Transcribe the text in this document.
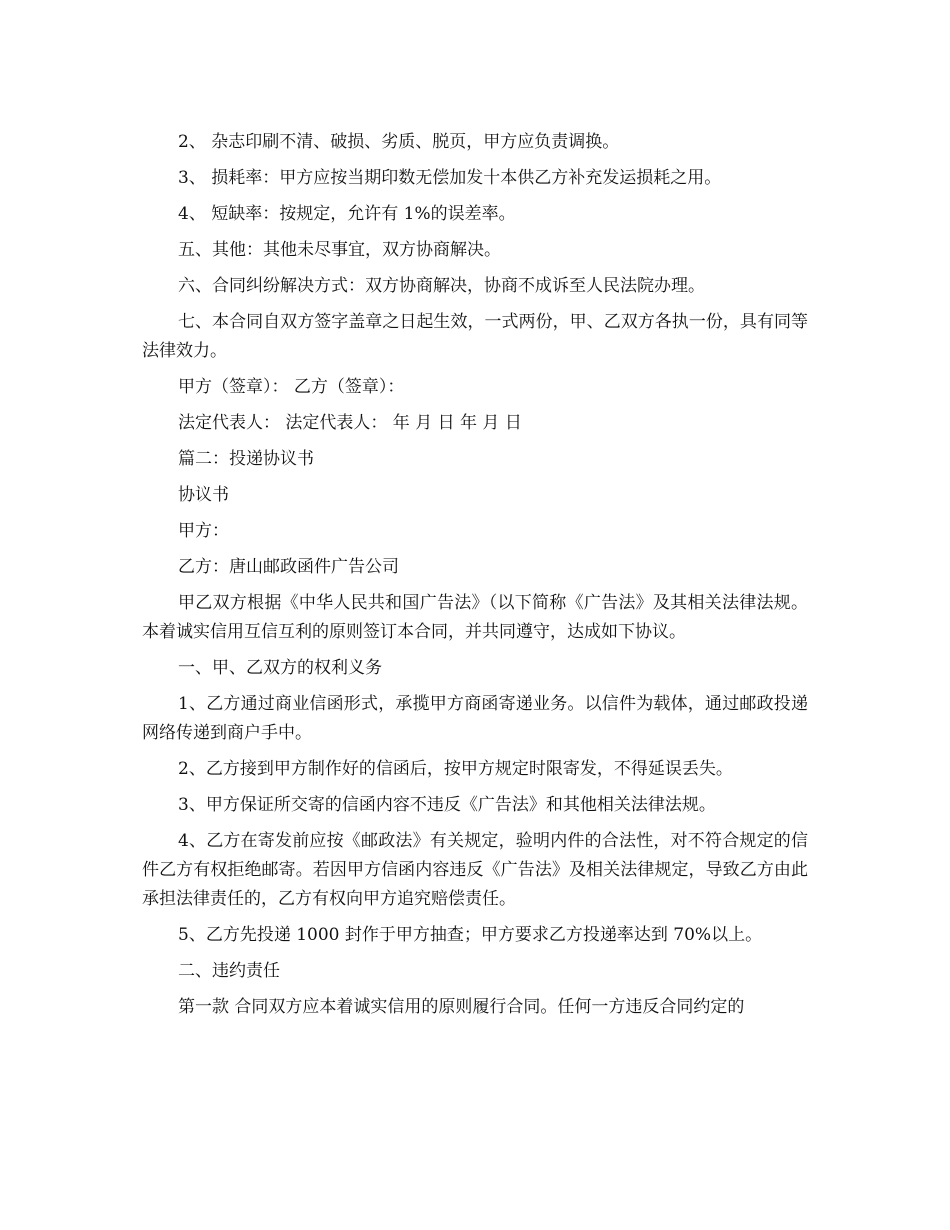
2、 杂志印刷不清、破损、劣质、脱页，甲方应负责调换。

3、 损耗率：甲方应按当期印数无偿加发十本供乙方补充发运损耗之用。

4、 短缺率：按规定，允许有 1%的误差率。

五、其他：其他未尽事宜，双方协商解决。

六、合同纠纷解决方式：双方协商解决，协商不成诉至人民法院办理。

七、本合同自双方签字盖章之日起生效，一式两份，甲、乙双方各执一份，具有同等法律效力。

甲方（签章）： 乙方（签章）：

法定代表人： 法定代表人： 年 月 日 年 月 日

篇二：投递协议书

协议书

甲方：

乙方：唐山邮政函件广告公司

甲乙双方根据《中华人民共和国广告法》（以下简称《广告法》及其相关法律法规。本着诚实信用互信互利的原则签订本合同，并共同遵守，达成如下协议。

一、甲、乙双方的权利义务

1、乙方通过商业信函形式，承揽甲方商函寄递业务。以信件为载体，通过邮政投递网络传递到商户手中。

2、乙方接到甲方制作好的信函后，按甲方规定时限寄发，不得延误丢失。

3、甲方保证所交寄的信函内容不违反《广告法》和其他相关法律法规。

4、乙方在寄发前应按《邮政法》有关规定，验明内件的合法性，对不符合规定的信件乙方有权拒绝邮寄。若因甲方信函内容违反《广告法》及相关法律规定，导致乙方由此承担法律责任的，乙方有权向甲方追究赔偿责任。

5、乙方先投递 1000 封作于甲方抽查；甲方要求乙方投递率达到 70%以上。

二、违约责任

第一款 合同双方应本着诚实信用的原则履行合同。任何一方违反合同约定的
